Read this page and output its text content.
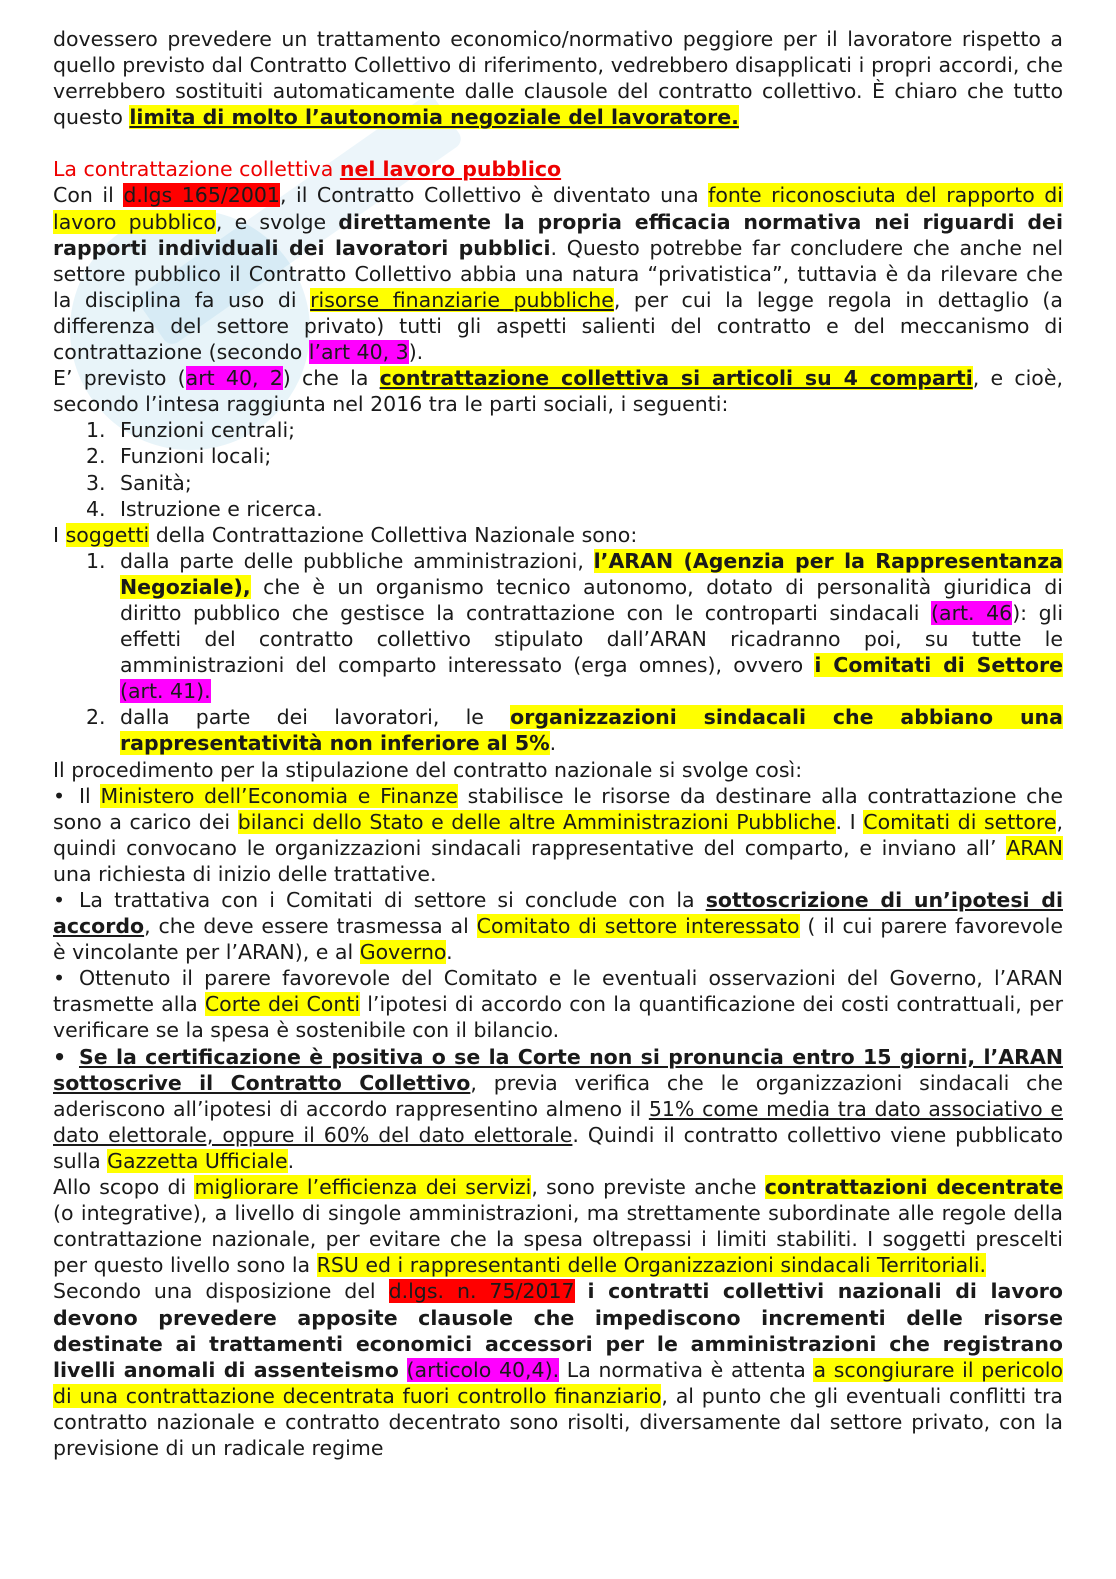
dovessero prevedere un trattamento economico/normativo peggiore per il lavoratore rispetto a quello previsto dal Contratto Collettivo di riferimento, vedrebbero disapplicati i propri accordi, che verrebbero sostituiti automaticamente dalle clausole del contratto collettivo. È chiaro che tutto questo limita di molto l’autonomia negoziale del lavoratore.

La contrattazione collettiva nel lavoro pubblico

Con il d.lgs 165/2001, il Contratto Collettivo è diventato una fonte riconosciuta del rapporto di lavoro pubblico, e svolge direttamente la propria efficacia normativa nei riguardi dei rapporti individuali dei lavoratori pubblici. Questo potrebbe far concludere che anche nel settore pubblico il Contratto Collettivo abbia una natura “privatistica”, tuttavia è da rilevare che la disciplina fa uso di risorse finanziarie pubbliche, per cui la legge regola in dettaglio (a differenza del settore privato) tutti gli aspetti salienti del contratto e del meccanismo di contrattazione (secondo l’art 40, 3).

E’ previsto (art 40, 2) che la contrattazione collettiva si articoli su 4 comparti, e cioè, secondo l’intesa raggiunta nel 2016 tra le parti sociali, i seguenti:

1. Funzioni centrali;
2. Funzioni locali;
3. Sanità;
4. Istruzione e ricerca.

I soggetti della Contrattazione Collettiva Nazionale sono:

1. dalla parte delle pubbliche amministrazioni, l’ARAN (Agenzia per la Rappresentanza Negoziale), che è un organismo tecnico autonomo, dotato di personalità giuridica di diritto pubblico che gestisce la contrattazione con le controparti sindacali (art. 46): gli effetti del contratto collettivo stipulato dall’ARAN ricadranno poi, su tutte le amministrazioni del comparto interessato (erga omnes), ovvero i Comitati di Settore (art. 41).
2. dalla parte dei lavoratori, le organizzazioni sindacali che abbiano una rappresentatività non inferiore al 5%.

Il procedimento per la stipulazione del contratto nazionale si svolge così:

• Il Ministero dell’Economia e Finanze stabilisce le risorse da destinare alla contrattazione che sono a carico dei bilanci dello Stato e delle altre Amministrazioni Pubbliche. I Comitati di settore, quindi convocano le organizzazioni sindacali rappresentative del comparto, e inviano all’ ARAN una richiesta di inizio delle trattative.

• La trattativa con i Comitati di settore si conclude con la sottoscrizione di un’ipotesi di accordo, che deve essere trasmessa al Comitato di settore interessato ( il cui parere favorevole è vincolante per l’ARAN), e al Governo.

• Ottenuto il parere favorevole del Comitato e le eventuali osservazioni del Governo, l’ARAN trasmette alla Corte dei Conti l’ipotesi di accordo con la quantificazione dei costi contrattuali, per verificare se la spesa è sostenibile con il bilancio.

• Se la certificazione è positiva o se la Corte non si pronuncia entro 15 giorni, l’ARAN sottoscrive il Contratto Collettivo, previa verifica che le organizzazioni sindacali che aderiscono all’ipotesi di accordo rappresentino almeno il 51% come media tra dato associativo e dato elettorale, oppure il 60% del dato elettorale. Quindi il contratto collettivo viene pubblicato sulla Gazzetta Ufficiale.

Allo scopo di migliorare l’efficienza dei servizi, sono previste anche contrattazioni decentrate (o integrative), a livello di singole amministrazioni, ma strettamente subordinate alle regole della contrattazione nazionale, per evitare che la spesa oltrepassi i limiti stabiliti. I soggetti prescelti per questo livello sono la RSU ed i rappresentanti delle Organizzazioni sindacali Territoriali.

Secondo una disposizione del d.lgs. n. 75/2017 i contratti collettivi nazionali di lavoro devono prevedere apposite clausole che impediscono incrementi delle risorse destinate ai trattamenti economici accessori per le amministrazioni che registrano livelli anomali di assenteismo (articolo 40,4). La normativa è attenta a scongiurare il pericolo di una contrattazione decentrata fuori controllo finanziario, al punto che gli eventuali conflitti tra contratto nazionale e contratto decentrato sono risolti, diversamente dal settore privato, con la previsione di un radicale regime
